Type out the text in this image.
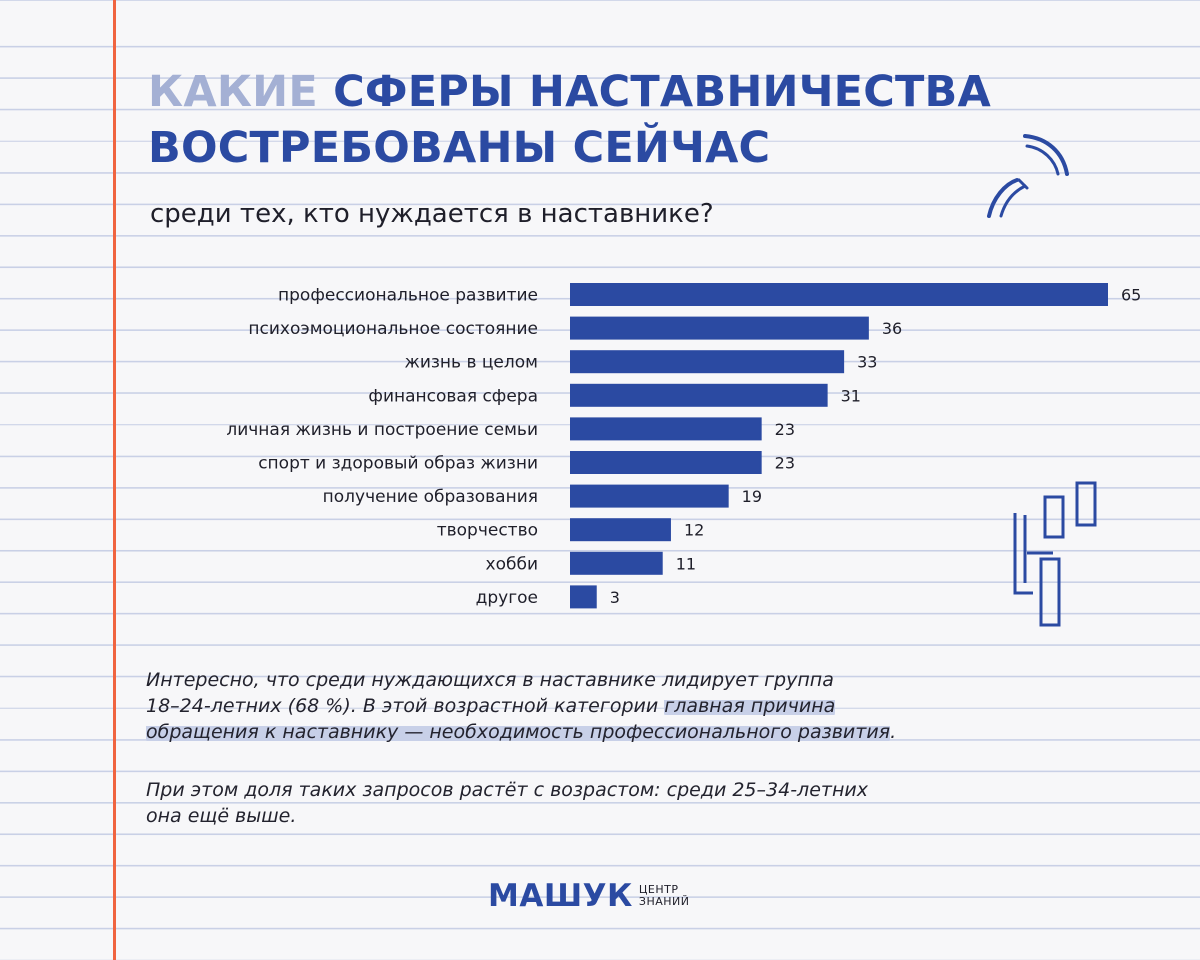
КАКИЕ СФЕРЫ НАСТАВНИЧЕСТВА
ВОСТРЕБОВАНЫ СЕЙЧАС

среди тех, кто нуждается в наставнике?

профессиональное развитие	65
психоэмоциональное состояние	36
жизнь в целом	33
финансовая сфера	31
личная жизнь и построение семьи	23
спорт и здоровый образ жизни	23
получение образования	19
творчество	12
хобби	11
другое	3

Интересно, что среди нуждающихся в наставнике лидирует группа
18–24-летних (68 %). В этой возрастной категории главная причина
обращения к наставнику — необходимость профессионального развития.

При этом доля таких запросов растёт с возрастом: среди 25–34-летних
она ещё выше.

МАШУК ЦЕНТР
ЗНАНИЙ
